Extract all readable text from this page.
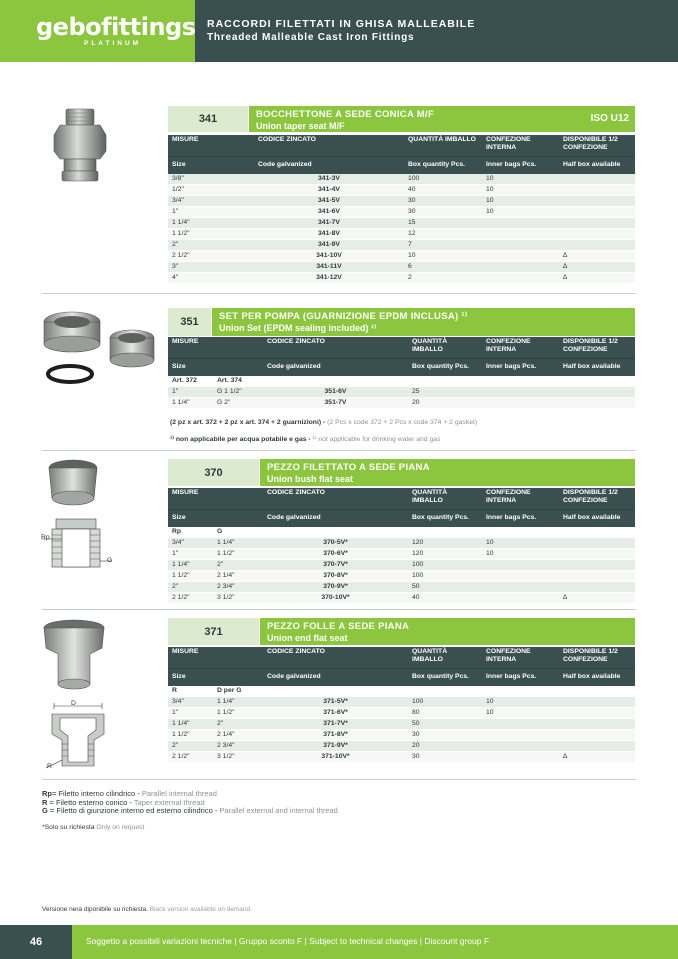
gebofittings
PLATINUM
RACCORDI FILETTATI IN GHISA MALLEABILE
Threaded Malleable Cast Iron Fittings
341	BOCCHETTONE A SEDE CONICA M/F
Union taper seat M/F
ISO U12
MISURE	CODICE ZINCATO	QUANTITÀ IMBALLO	CONFEZIONE INTERNA	DISPONIBILE 1/2 CONFEZIONE
Size	Code galvanized	Box quantity Pcs.	Inner bags Pcs.	Half box available
3/8"	341-3V	100	10	
1/2"	341-4V	40	10	
3/4"	341-5V	30	10	
1"	341-6V	30	10	
1 1/4"	341-7V	15		
1 1/2"	341-8V	12		
2"	341-9V	7		
2 1/2"	341-10V	10		∆
3"	341-11V	6		∆
4"	341-12V	2		∆
351	SET PER POMPA (GUARNIZIONE EPDM INCLUSA) ¹⁾
Union Set (EPDM sealing included) ¹⁾
MISURE		CODICE ZINCATO	QUANTITÀ IMBALLO	CONFEZIONE INTERNA	DISPONIBILE 1/2 CONFEZIONE
Size		Code galvanized	Box quantity Pcs.	Inner bags Pcs.	Half box available
Art. 372	Art. 374				
1"	G 1 1/2"	351-6V	25		
1 1/4"	G 2"	351-7V	20		
(2 pz x art. 372 + 2 pz x art. 374 + 2 guarnizioni) - (2 Pcs x code 372 + 2 Pcs x code 374 + 2 gasket)
¹⁾ non applicabile per acqua potabile e gas - ¹⁾ not applicable for drinking water and gas
Rp
G
370	PEZZO FILETTATO A SEDE PIANA
Union bush flat seat
MISURE		CODICE ZINCATO	QUANTITÀ IMBALLO	CONFEZIONE INTERNA	DISPONIBILE 1/2 CONFEZIONE
Size		Code galvanized	Box quantity Pcs.	Inner bags Pcs.	Half box available
Rp	G				
3/4"	1 1/4"	370-5V*	120	10	
1"	1 1/2"	370-6V*	120	10	
1 1/4"	2"	370-7V*	100		
1 1/2"	2 1/4"	370-8V*	100		
2"	2 3/4"	370-9V*	50		
2 1/2"	3 1/2"	370-10V*	40		∆
D
R
371	PEZZO FOLLE A SEDE PIANA
Union end flat seat
MISURE		CODICE ZINCATO	QUANTITÀ IMBALLO	CONFEZIONE INTERNA	DISPONIBILE 1/2 CONFEZIONE
Size		Code galvanized	Box quantity Pcs.	Inner bags Pcs.	Half box available
R	D per G				
3/4"	1 1/4"	371-5V*	100	10	
1"	1 1/2"	371-6V*	80	10	
1 1/4"	2"	371-7V*	50		
1 1/2"	2 1/4"	371-8V*	30		
2"	2 3/4"	371-9V*	20		
2 1/2"	3 1/2"	371-10V*	30		∆
Rp= Filetto interno cilindrico - Parallel internal thread
R = Filetto esterno conico - Taper external thread
G = Filetto di giunzione interno ed esterno cilindrico - Parallel external and internal thread
*Solo su richiesta Only on request
Versione nera diponibile su richiesta. Black version available on demand.
46	Soggetto a possibili variazioni tecniche | Gruppo sconto F | Subject to technical changes | Discount group F
